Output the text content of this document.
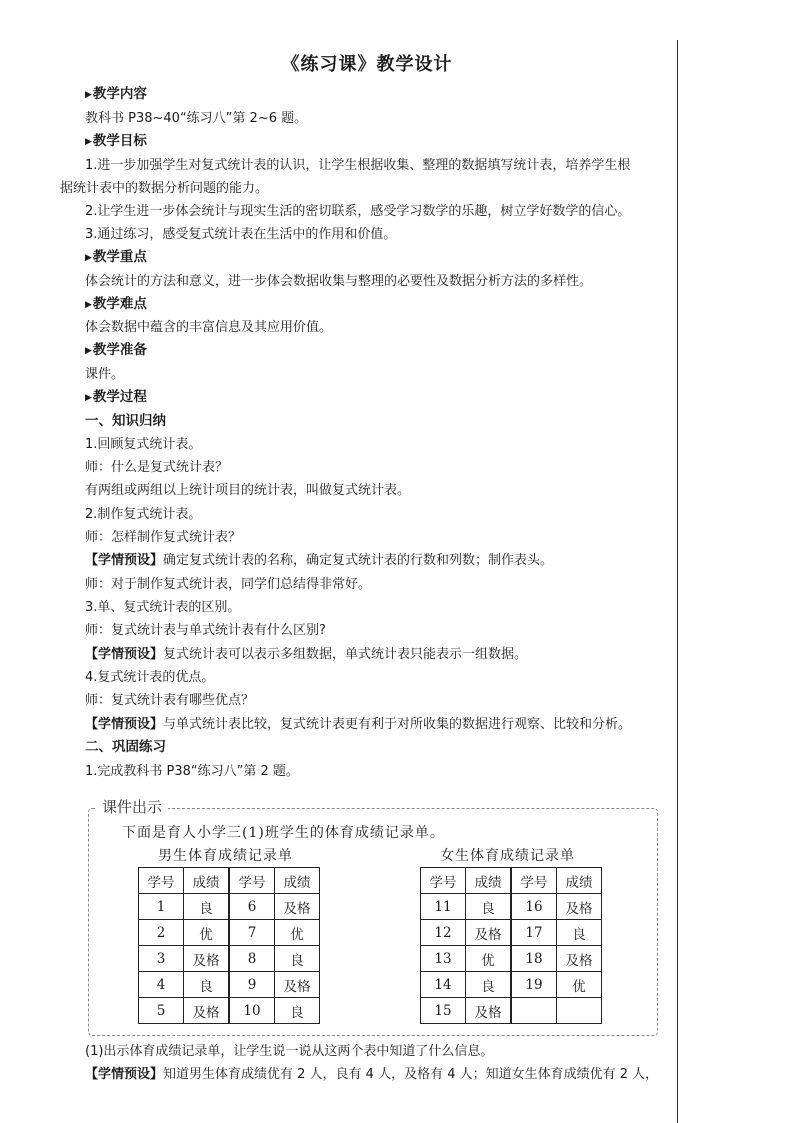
《练习课》教学设计
▶教学内容
教科书 P38~40“练习八”第 2~6 题。
▶教学目标
1.进一步加强学生对复式统计表的认识，让学生根据收集、整理的数据填写统计表，培养学生根
据统计表中的数据分析问题的能力。
2.让学生进一步体会统计与现实生活的密切联系，感受学习数学的乐趣，树立学好数学的信心。
3.通过练习，感受复式统计表在生活中的作用和价值。
▶教学重点
体会统计的方法和意义，进一步体会数据收集与整理的必要性及数据分析方法的多样性。
▶教学难点
体会数据中蕴含的丰富信息及其应用价值。
▶教学准备
课件。
▶教学过程
一、知识归纳
1.回顾复式统计表。
师：什么是复式统计表？
有两组或两组以上统计项目的统计表，叫做复式统计表。
2.制作复式统计表。
师：怎样制作复式统计表？
【学情预设】确定复式统计表的名称，确定复式统计表的行数和列数；制作表头。
师：对于制作复式统计表，同学们总结得非常好。
3.单、复式统计表的区别。
师：复式统计表与单式统计表有什么区别?
【学情预设】复式统计表可以表示多组数据，单式统计表只能表示一组数据。
4.复式统计表的优点。
师：复式统计表有哪些优点？
【学情预设】与单式统计表比较，复式统计表更有利于对所收集的数据进行观察、比较和分析。
二、巩固练习
1.完成教科书 P38“练习八”第 2 题。
课件出示
下面是育人小学三(1)班学生的体育成绩记录单。
男生体育成绩记录单	女生体育成绩记录单
学号	成绩	学号	成绩
1	良	6	及格
2	优	7	优
3	及格	8	良
4	良	9	及格
5	及格	10	良
学号	成绩	学号	成绩
11	良	16	及格
12	及格	17	良
13	优	18	及格
14	良	19	优
15	及格		
(1)出示体育成绩记录单，让学生说一说从这两个表中知道了什么信息。
【学情预设】知道男生体育成绩优有 2 人，良有 4 人，及格有 4 人；知道女生体育成绩优有 2 人，
